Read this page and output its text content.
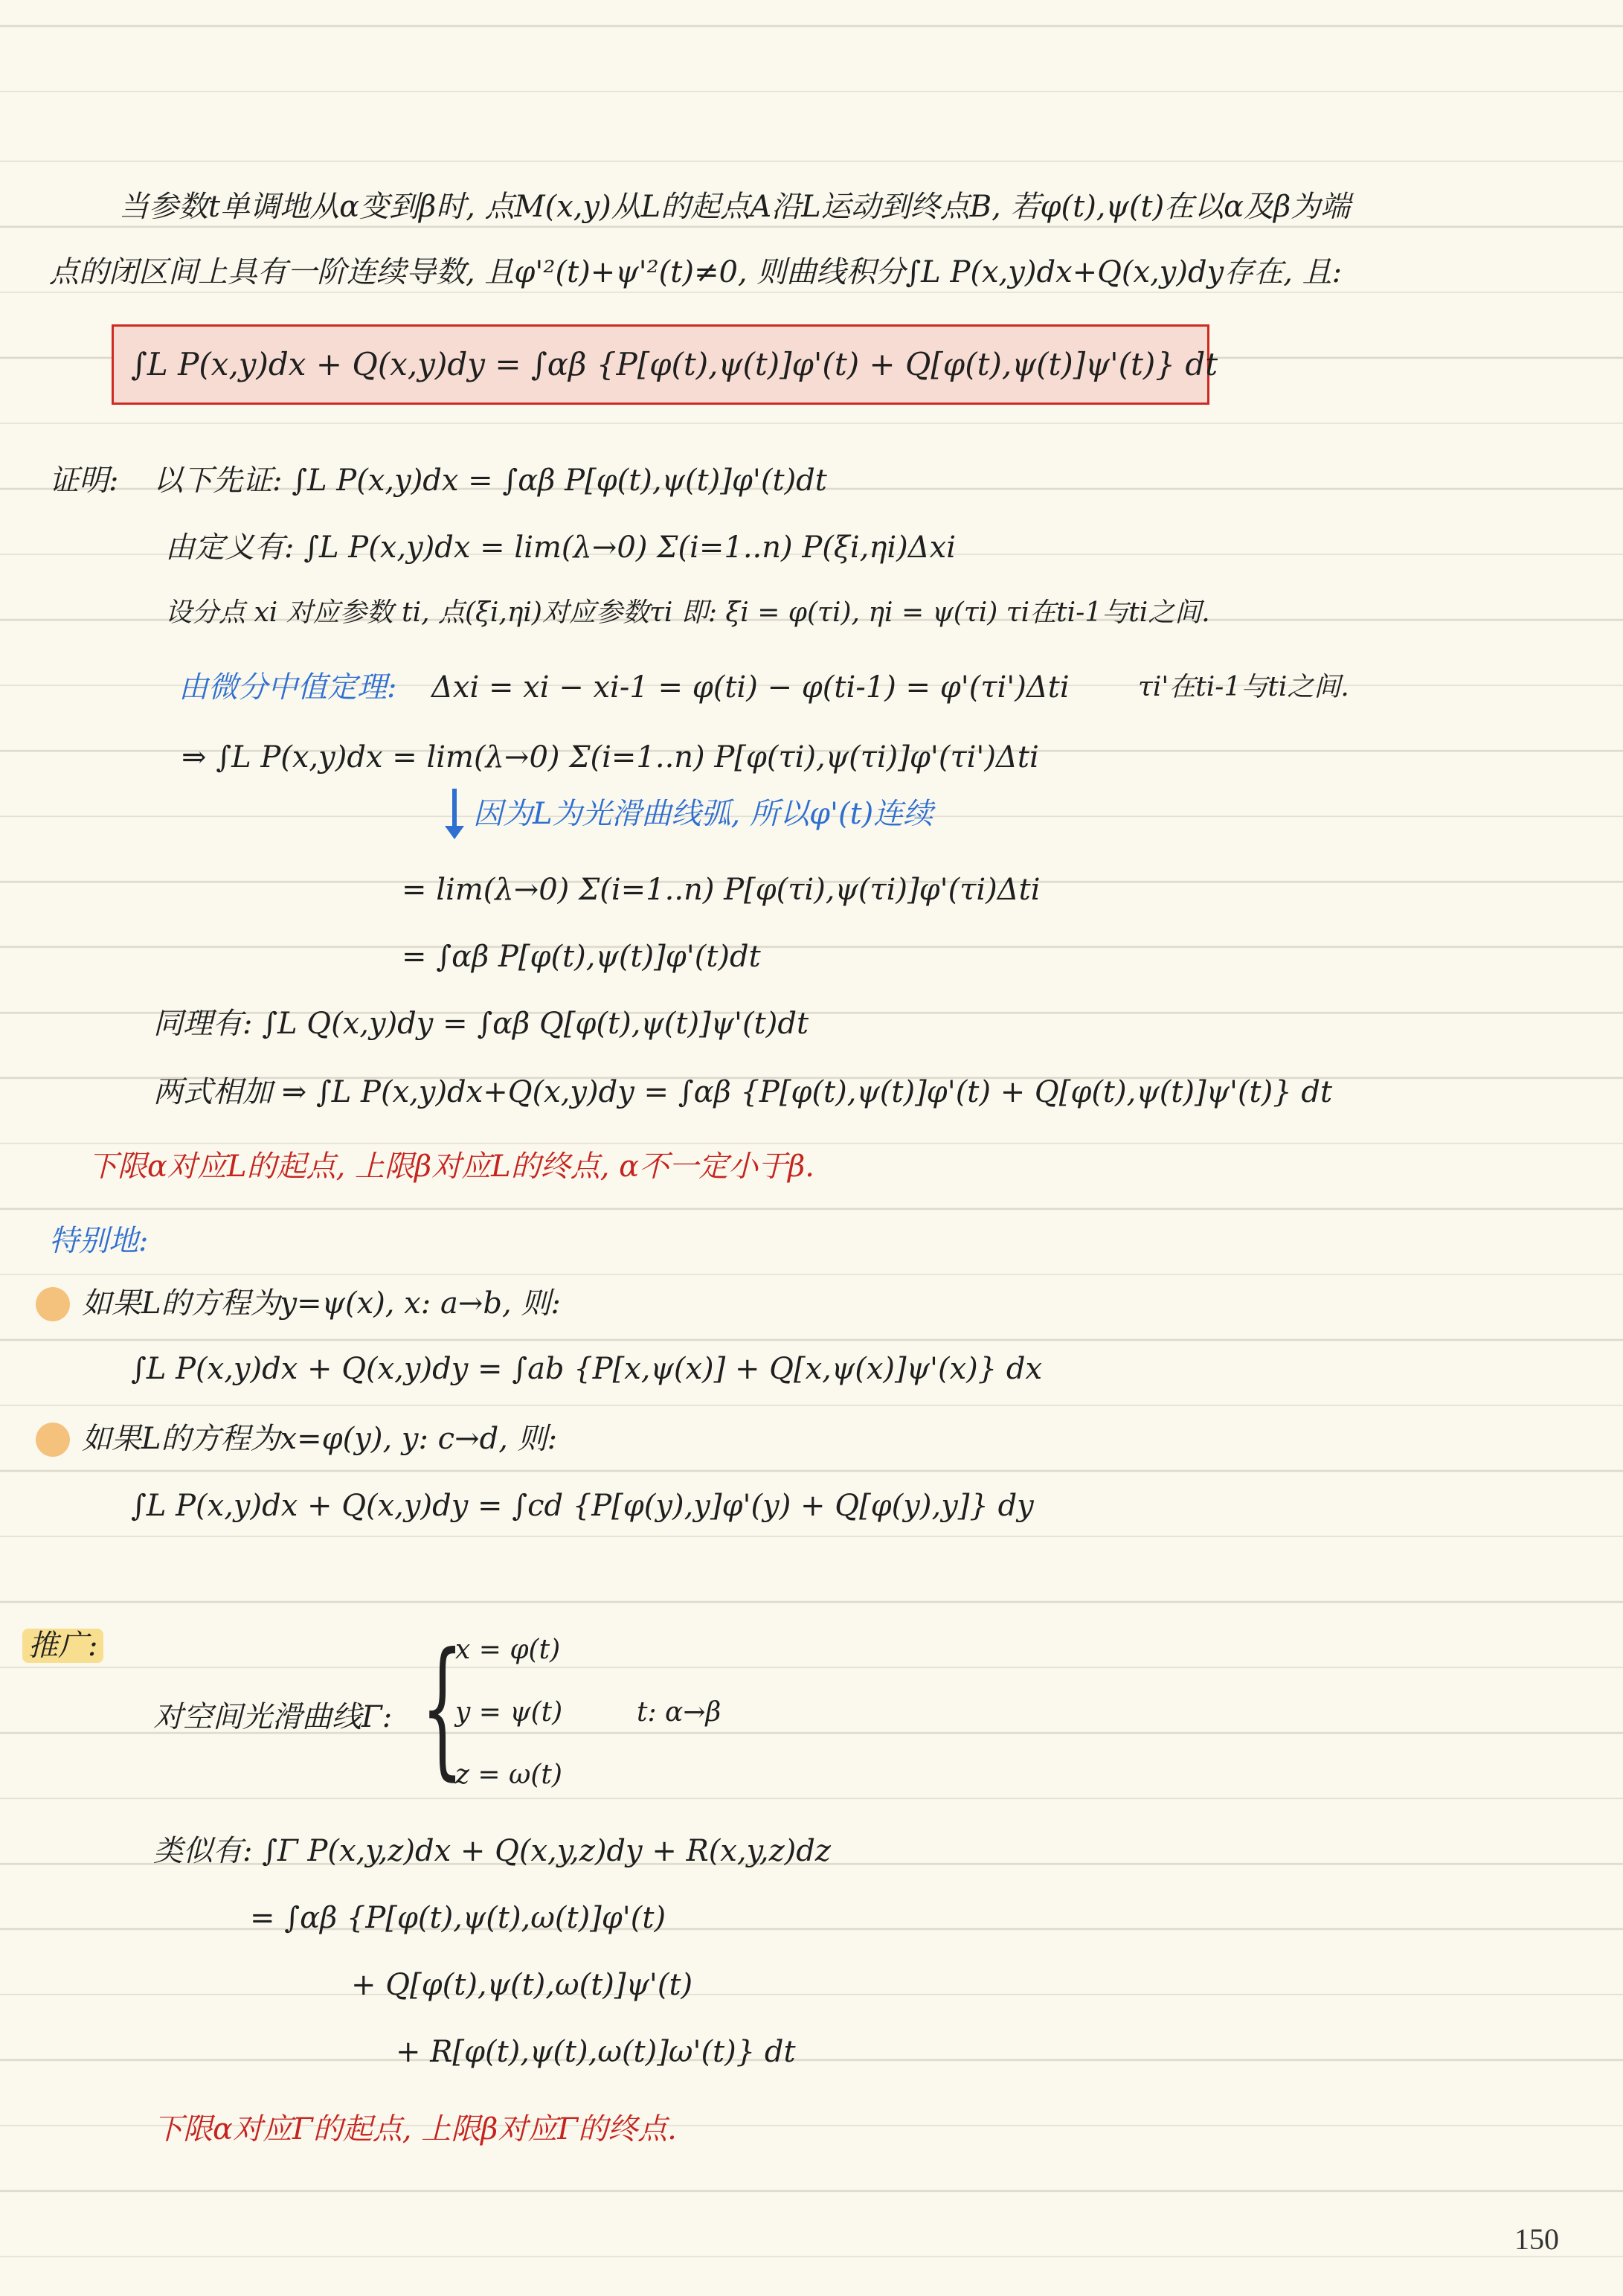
当参数t单调地从α变到β时, 点M(x,y)从L的起点A沿L运动到终点B, 若φ(t),ψ(t)在以α及β为端
点的闭区间上具有一阶连续导数, 且φ'²(t)+ψ'²(t)≠0, 则曲线积分∫L P(x,y)dx+Q(x,y)dy存在, 且:
∫L P(x,y)dx + Q(x,y)dy = ∫αβ {P[φ(t),ψ(t)]φ'(t) + Q[φ(t),ψ(t)]ψ'(t)} dt
证明: 以下先证: ∫L P(x,y)dx = ∫αβ P[φ(t),ψ(t)]φ'(t)dt
由定义有: ∫L P(x,y)dx = lim(λ→0) Σ(i=1..n) P(ξi,ηi)Δxi
设分点 xi 对应参数 ti, 点(ξi,ηi)对应参数τi 即: ξi = φ(τi), ηi = ψ(τi) τi在ti-1与ti之间.
由微分中值定理: Δxi = xi − xi-1 = φ(ti) − φ(ti-1) = φ'(τi')Δti	τi'在ti-1与ti之间.
⇒ ∫L P(x,y)dx = lim(λ→0) Σ(i=1..n) P[φ(τi),ψ(τi)]φ'(τi')Δti
因为L为光滑曲线弧, 所以φ'(t)连续
= lim(λ→0) Σ(i=1..n) P[φ(τi),ψ(τi)]φ'(τi)Δti
= ∫αβ P[φ(t),ψ(t)]φ'(t)dt
同理有: ∫L Q(x,y)dy = ∫αβ Q[φ(t),ψ(t)]ψ'(t)dt
两式相加 ⇒ ∫L P(x,y)dx+Q(x,y)dy = ∫αβ {P[φ(t),ψ(t)]φ'(t) + Q[φ(t),ψ(t)]ψ'(t)} dt
下限α对应L的起点, 上限β对应L的终点, α不一定小于β.
特别地:
如果L的方程为y=ψ(x), x: a→b, 则:
∫L P(x,y)dx + Q(x,y)dy = ∫ab {P[x,ψ(x)] + Q[x,ψ(x)]ψ'(x)} dx
如果L的方程为x=φ(y), y: c→d, 则:
∫L P(x,y)dx + Q(x,y)dy = ∫cd {P[φ(y),y]φ'(y) + Q[φ(y),y]} dy
推广:
对空间光滑曲线Γ: {
x = φ(t)
y = ψ(t)
z = ω(t)
t: α→β
类似有: ∫Γ P(x,y,z)dx + Q(x,y,z)dy + R(x,y,z)dz
= ∫αβ {P[φ(t),ψ(t),ω(t)]φ'(t)
+ Q[φ(t),ψ(t),ω(t)]ψ'(t)
+ R[φ(t),ψ(t),ω(t)]ω'(t)} dt
下限α对应Γ的起点, 上限β对应Γ的终点.
150
